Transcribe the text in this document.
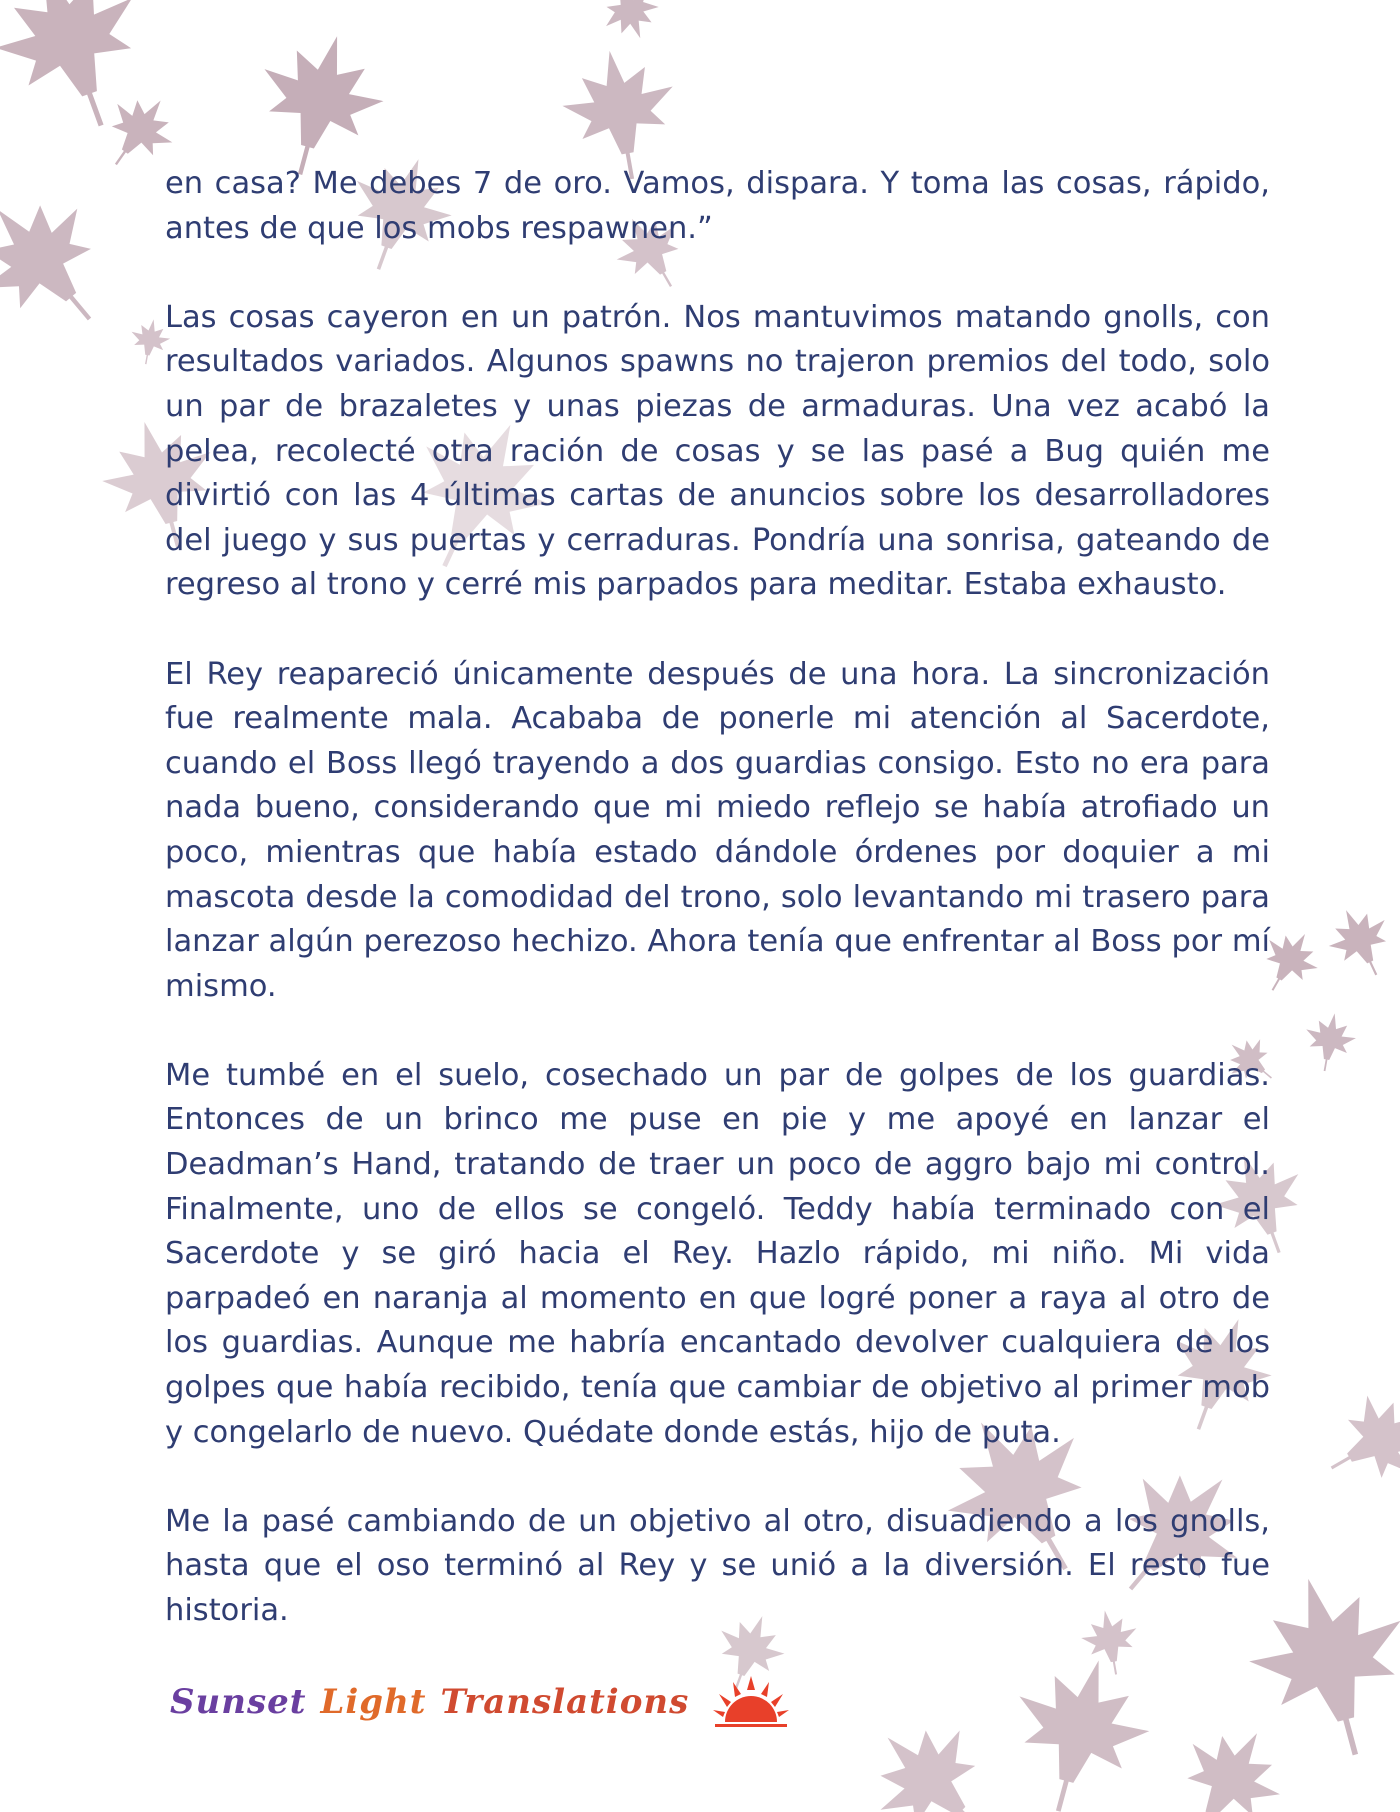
en casa? Me debes 7 de oro. Vamos, dispara. Y toma las cosas, rápido, antes de que los mobs respawnen.”

Las cosas cayeron en un patrón. Nos mantuvimos matando gnolls, con resultados variados. Algunos spawns no trajeron premios del todo, solo un par de brazaletes y unas piezas de armaduras. Una vez acabó la pelea, recolecté otra ración de cosas y se las pasé a Bug quién me divirtió con las 4 últimas cartas de anuncios sobre los desarrolladores del juego y sus puertas y cerraduras. Pondría una sonrisa, gateando de regreso al trono y cerré mis parpados para meditar. Estaba exhausto.

El Rey reapareció únicamente después de una hora. La sincronización fue realmente mala. Acababa de ponerle mi atención al Sacerdote, cuando el Boss llegó trayendo a dos guardias consigo. Esto no era para nada bueno, considerando que mi miedo reflejo se había atrofiado un poco, mientras que había estado dándole órdenes por doquier a mi mascota desde la comodidad del trono, solo levantando mi trasero para lanzar algún perezoso hechizo. Ahora tenía que enfrentar al Boss por mí mismo.

Me tumbé en el suelo, cosechado un par de golpes de los guardias. Entonces de un brinco me puse en pie y me apoyé en lanzar el Deadman’s Hand, tratando de traer un poco de aggro bajo mi control. Finalmente, uno de ellos se congeló. Teddy había terminado con el Sacerdote y se giró hacia el Rey. Hazlo rápido, mi niño. Mi vida parpadeó en naranja al momento en que logré poner a raya al otro de los guardias. Aunque me habría encantado devolver cualquiera de los golpes que había recibido, tenía que cambiar de objetivo al primer mob y congelarlo de nuevo. Quédate donde estás, hijo de puta.

Me la pasé cambiando de un objetivo al otro, disuadiendo a los gnolls, hasta que el oso terminó al Rey y se unió a la diversión. El resto fue historia.

Sunset Light Translations
